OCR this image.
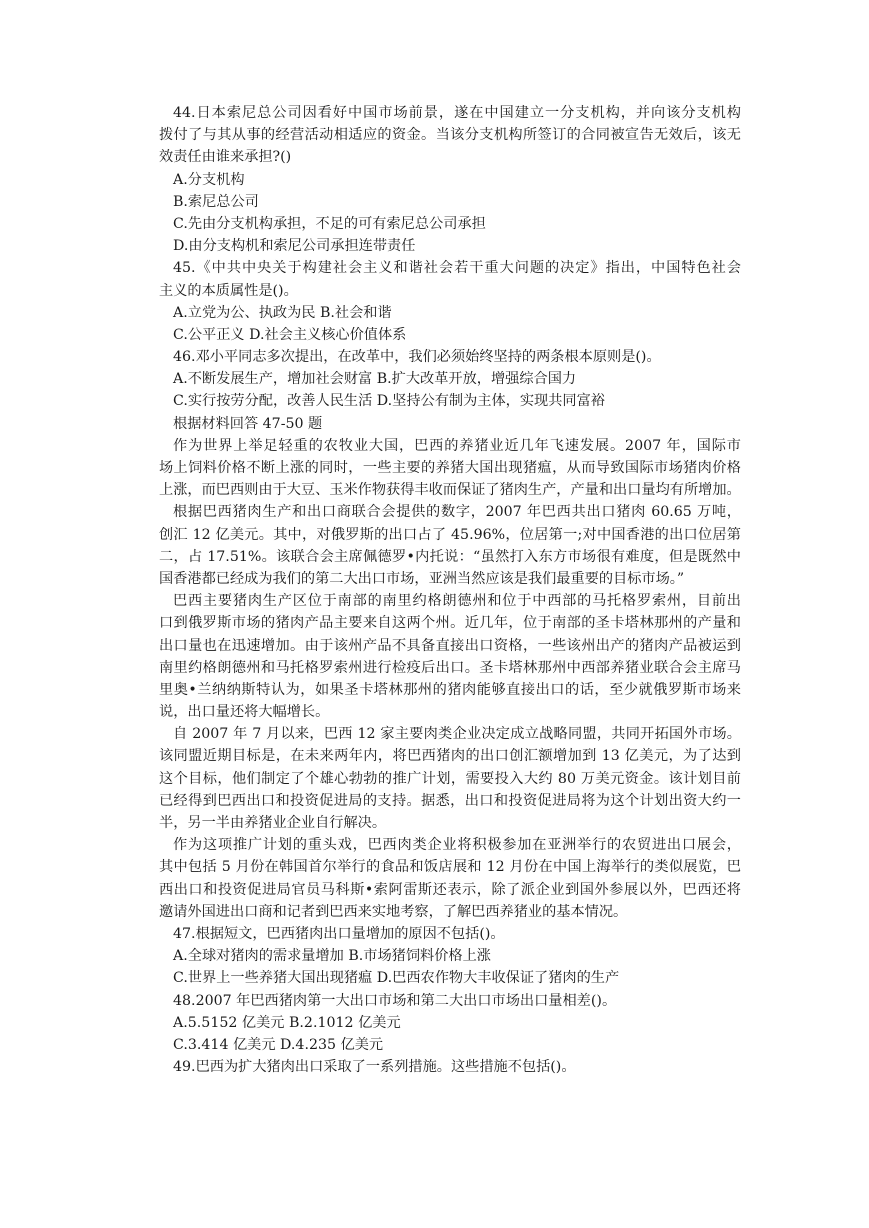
44.日本索尼总公司因看好中国市场前景，遂在中国建立一分支机构，并向该分支机构
拨付了与其从事的经营活动相适应的资金。当该分支机构所签订的合同被宣告无效后，该无
效责任由谁来承担?()
A.分支机构
B.索尼总公司
C.先由分支机构承担，不足的可有索尼总公司承担
D.由分支构机和索尼公司承担连带责任
45.《中共中央关于构建社会主义和谐社会若干重大问题的决定》指出，中国特色社会
主义的本质属性是()。
A.立党为公、执政为民 B.社会和谐
C.公平正义 D.社会主义核心价值体系
46.邓小平同志多次提出，在改革中，我们必须始终坚持的两条根本原则是()。
A.不断发展生产，增加社会财富 B.扩大改革开放，增强综合国力
C.实行按劳分配，改善人民生活 D.坚持公有制为主体，实现共同富裕
根据材料回答 47-50 题
作为世界上举足轻重的农牧业大国，巴西的养猪业近几年飞速发展。2007 年，国际市
场上饲料价格不断上涨的同时，一些主要的养猪大国出现猪瘟，从而导致国际市场猪肉价格
上涨，而巴西则由于大豆、玉米作物获得丰收而保证了猪肉生产，产量和出口量均有所增加。
根据巴西猪肉生产和出口商联合会提供的数字，2007 年巴西共出口猪肉 60.65 万吨，
创汇 12 亿美元。其中，对俄罗斯的出口占了 45.96%，位居第一;对中国香港的出口位居第
二，占 17.51%。该联合会主席佩德罗•内托说：“虽然打入东方市场很有难度，但是既然中
国香港都已经成为我们的第二大出口市场，亚洲当然应该是我们最重要的目标市场。”
巴西主要猪肉生产区位于南部的南里约格朗德州和位于中西部的马托格罗索州，目前出
口到俄罗斯市场的猪肉产品主要来自这两个州。近几年，位于南部的圣卡塔林那州的产量和
出口量也在迅速增加。由于该州产品不具备直接出口资格，一些该州出产的猪肉产品被运到
南里约格朗德州和马托格罗索州进行检疫后出口。圣卡塔林那州中西部养猪业联合会主席马
里奥•兰纳纳斯特认为，如果圣卡塔林那州的猪肉能够直接出口的话，至少就俄罗斯市场来
说，出口量还将大幅增长。
自 2007 年 7 月以来，巴西 12 家主要肉类企业决定成立战略同盟，共同开拓国外市场。
该同盟近期目标是，在未来两年内，将巴西猪肉的出口创汇额增加到 13 亿美元，为了达到
这个目标，他们制定了个雄心勃勃的推广计划，需要投入大约 80 万美元资金。该计划目前
已经得到巴西出口和投资促进局的支持。据悉，出口和投资促进局将为这个计划出资大约一
半，另一半由养猪业企业自行解决。
作为这项推广计划的重头戏，巴西肉类企业将积极参加在亚洲举行的农贸进出口展会，
其中包括 5 月份在韩国首尔举行的食品和饭店展和 12 月份在中国上海举行的类似展览，巴
西出口和投资促进局官员马科斯•索阿雷斯还表示，除了派企业到国外参展以外，巴西还将
邀请外国进出口商和记者到巴西来实地考察，了解巴西养猪业的基本情况。
47.根据短文，巴西猪肉出口量增加的原因不包括()。
A.全球对猪肉的需求量增加 B.市场猪饲料价格上涨
C.世界上一些养猪大国出现猪瘟 D.巴西农作物大丰收保证了猪肉的生产
48.2007 年巴西猪肉第一大出口市场和第二大出口市场出口量相差()。
A.5.5152 亿美元 B.2.1012 亿美元
C.3.414 亿美元 D.4.235 亿美元
49.巴西为扩大猪肉出口采取了一系列措施。这些措施不包括()。
